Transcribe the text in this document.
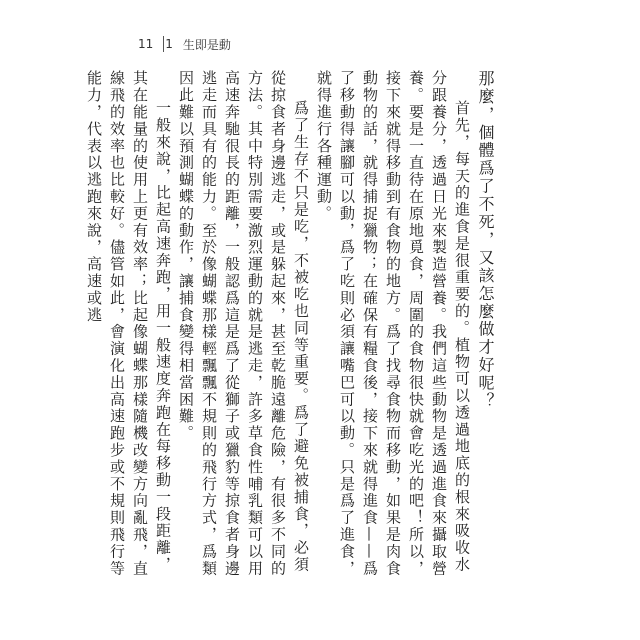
11 1 生即是動

那麼，個體爲了不死，又該怎麼做才好呢？

首先，每天的進食是很重要的。植物可以透過地底的根來吸收水分跟養分，透過日光來製造營養。我們這些動物是透過進食來攝取營養。要是一直待在原地覓食，周圍的食物很快就會吃光的吧！所以，接下來就得移動到有食物的地方。爲了找尋食物而移動，如果是肉食動物的話，就得捕捉獵物；在確保有糧食後，接下來就得進食——爲了移動得讓腳可以動，爲了吃則必須讓嘴巴可以動。只是爲了進食，就得進行各種運動。

爲了生存不只是吃，不被吃也同等重要。爲了避免被捕食，必須從掠食者身邊逃走，或是躲起來，甚至乾脆遠離危險，有很多不同的方法。其中特別需要激烈運動的就是逃走，許多草食性哺乳類可以用高速奔馳很長的距離，一般認爲這是爲了從獅子或獵豹等掠食者身邊逃走而具有的能力。至於像蝴蝶那樣輕飄飄不規則的飛行方式，爲類因此難以預測蝴蝶的動作，讓捕食變得相當困難。

一般來說，比起高速奔跑，用一般速度奔跑在每移動一段距離，其在能量的使用上更有效率；比起像蝴蝶那樣隨機改變方向亂飛，直線飛的效率也比較好。儘管如此，會演化出高速跑步或不規則飛行等能力，代表以逃跑來說，高速或逃
